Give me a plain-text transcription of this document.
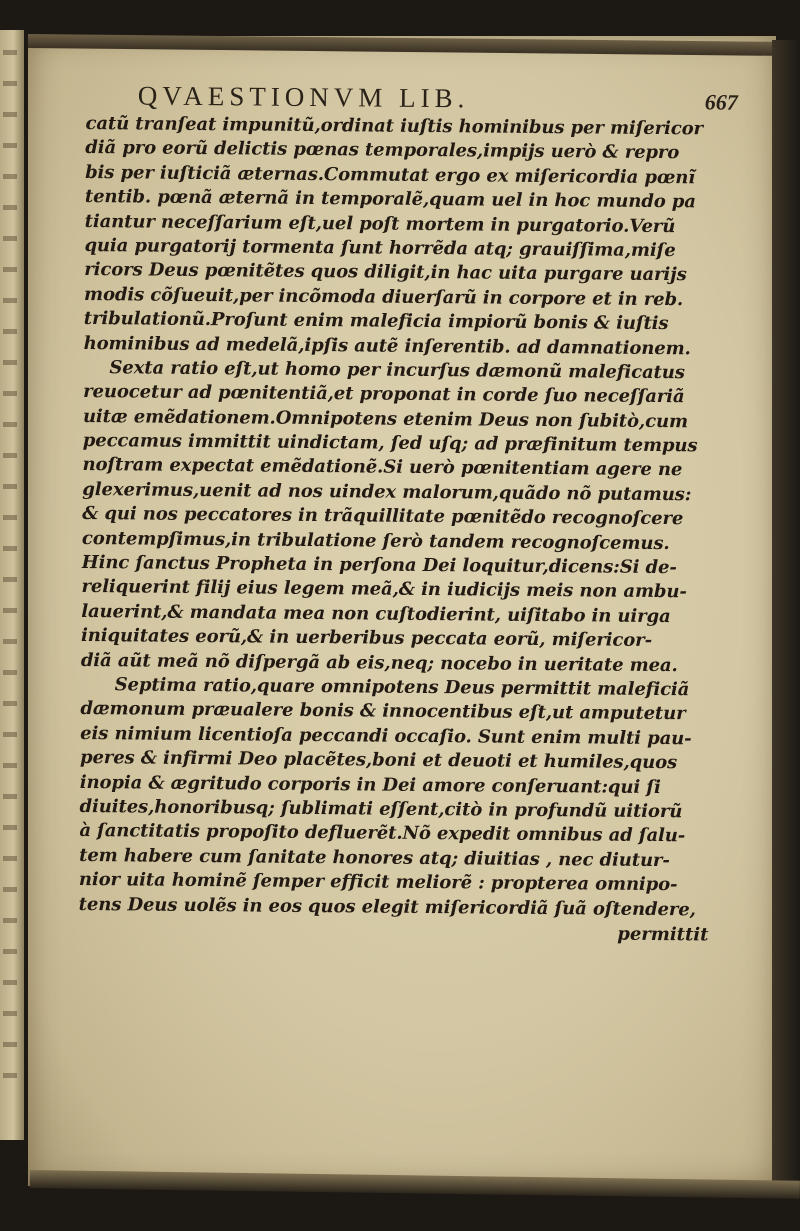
QVAESTIONVM LIB.	667
catũ tranſeat impunitũ,ordinat iuſtis hominibus per miſericor
diã pro eorũ delictis pœnas temporales,impijs uerò & repro
bis per iuſticiã æternas.Commutat ergo ex miſericordia pœnĩ
tentib. pœnã æternã in temporalẽ,quam uel in hoc mundo pa
tiantur neceſſarium eſt,uel poſt mortem in purgatorio.Verũ
quia purgatorij tormenta ſunt horrẽda atq; grauiſſima,miſe
ricors Deus pœnitẽtes quos diligit,in hac uita purgare uarijs
modis cõſueuit,per incõmoda diuerſarũ in corpore et in reb.
tribulationũ.Proſunt enim maleficia impiorũ bonis & iuſtis
hominibus ad medelã,ipſis autẽ inſerentib. ad damnationem.
Sexta ratio eſt,ut homo per incurſus dæmonũ maleficatus
reuocetur ad pœnitentiã,et proponat in corde ſuo neceſſariã
uitæ emẽdationem.Omnipotens etenim Deus non ſubitò,cum
peccamus immittit uindictam, ſed uſq; ad præfinitum tempus
noſtram expectat emẽdationẽ.Si uerò pœnitentiam agere ne
glexerimus,uenit ad nos uindex malorum,quãdo nõ putamus:
& qui nos peccatores in trãquillitate pœnitẽdo recognoſcere
contempſimus,in tribulatione ſerò tandem recognoſcemus.
Hinc ſanctus Propheta in perſona Dei loquitur,dicens:Si de-
reliquerint filij eius legem meã,& in iudicijs meis non ambu-
lauerint,& mandata mea non cuſtodierint, uiſitabo in uirga
iniquitates eorũ,& in uerberibus peccata eorũ, miſericor-
diã aũt meã nõ diſpergã ab eis,neq; nocebo in ueritate mea.
Septima ratio,quare omnipotens Deus permittit maleficiã
dæmonum præualere bonis & innocentibus eſt,ut amputetur
eis nimium licentioſa peccandi occaſio. Sunt enim multi pau-
peres & infirmi Deo placẽtes,boni et deuoti et humiles,quos
inopia & ægritudo corporis in Dei amore conſeruant:qui ſi
diuites,honoribusq; ſublimati eſſent,citò in profundũ uitiorũ
à ſanctitatis propoſito defluerẽt.Nõ expedit omnibus ad ſalu-
tem habere cum ſanitate honores atq; diuitias , nec diutur-
nior uita hominẽ ſemper efficit meliorẽ : propterea omnipo-
tens Deus uolẽs in eos quos elegit miſericordiã ſuã oſtendere,
permittit
